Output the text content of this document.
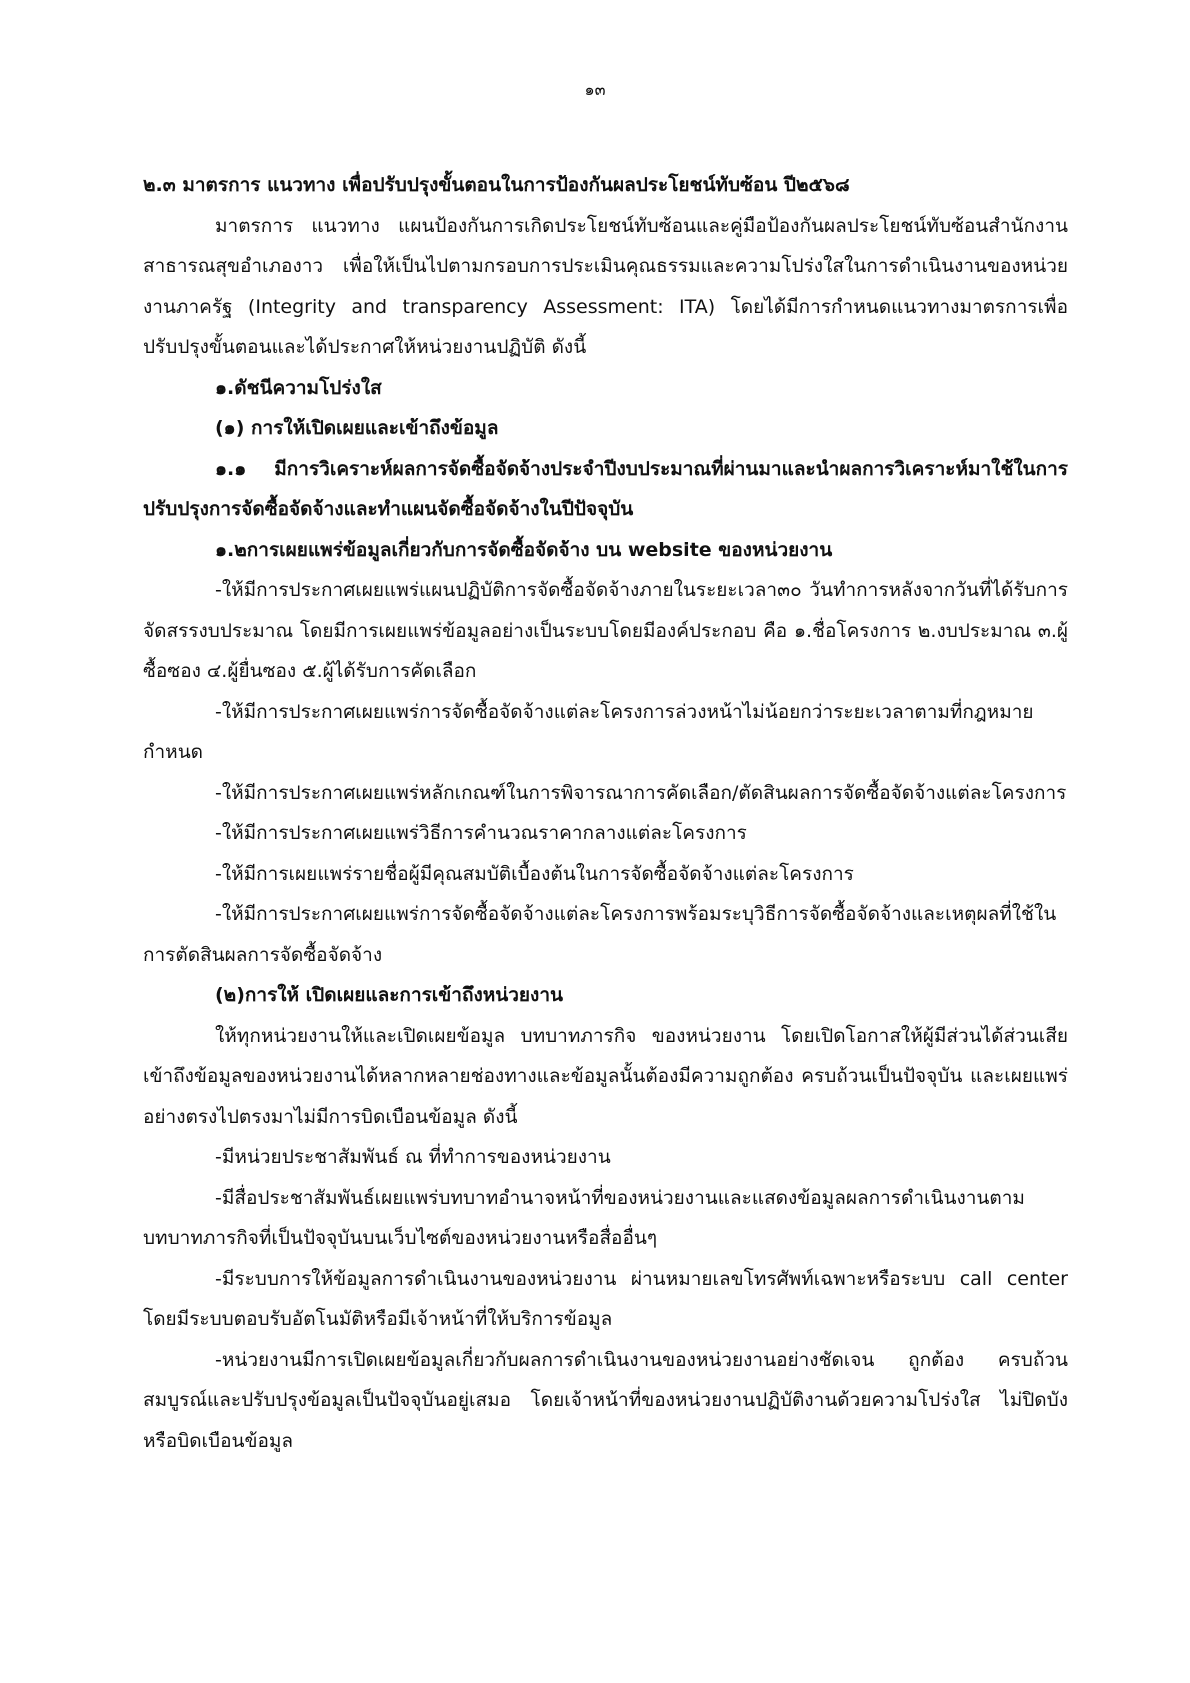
๑๓

๒.๓ มาตรการ แนวทาง เพื่อปรับปรุงขั้นตอนในการป้องกันผลประโยชน์ทับซ้อน ปี๒๕๖๘

มาตรการ แนวทาง แผนป้องกันการเกิดประโยชน์ทับซ้อนและคู่มือป้องกันผลประโยชน์ทับซ้อนสำนักงานสาธารณสุขอำเภองาว เพื่อให้เป็นไปตามกรอบการประเมินคุณธรรมและความโปร่งใสในการดำเนินงานของหน่วยงานภาครัฐ (Integrity and transparency Assessment: ITA) โดยได้มีการกำหนดแนวทางมาตรการเพื่อปรับปรุงขั้นตอนและได้ประกาศให้หน่วยงานปฏิบัติ ดังนี้

๑.ดัชนีความโปร่งใส

(๑) การให้เปิดเผยและเข้าถึงข้อมูล

๑.๑ มีการวิเคราะห์ผลการจัดซื้อจัดจ้างประจำปีงบประมาณที่ผ่านมาและนำผลการวิเคราะห์มาใช้ในการปรับปรุงการจัดซื้อจัดจ้างและทำแผนจัดซื้อจัดจ้างในปีปัจจุบัน

๑.๒การเผยแพร่ข้อมูลเกี่ยวกับการจัดซื้อจัดจ้าง บน website ของหน่วยงาน

-ให้มีการประกาศเผยแพร่แผนปฏิบัติการจัดซื้อจัดจ้างภายในระยะเวลา๓๐ วันทำการหลังจากวันที่ได้รับการจัดสรรงบประมาณ โดยมีการเผยแพร่ข้อมูลอย่างเป็นระบบโดยมีองค์ประกอบ คือ ๑.ชื่อโครงการ ๒.งบประมาณ ๓.ผู้ซื้อซอง ๔.ผู้ยื่นซอง ๕.ผู้ได้รับการคัดเลือก

-ให้มีการประกาศเผยแพร่การจัดซื้อจัดจ้างแต่ละโครงการล่วงหน้าไม่น้อยกว่าระยะเวลาตามที่กฎหมายกำหนด

-ให้มีการประกาศเผยแพร่หลักเกณฑ์ในการพิจารณาการคัดเลือก/ตัดสินผลการจัดซื้อจัดจ้างแต่ละโครงการ

-ให้มีการประกาศเผยแพร่วิธีการคำนวณราคากลางแต่ละโครงการ

-ให้มีการเผยแพร่รายชื่อผู้มีคุณสมบัติเบื้องต้นในการจัดซื้อจัดจ้างแต่ละโครงการ

-ให้มีการประกาศเผยแพร่การจัดซื้อจัดจ้างแต่ละโครงการพร้อมระบุวิธีการจัดซื้อจัดจ้างและเหตุผลที่ใช้ในการตัดสินผลการจัดซื้อจัดจ้าง

(๒)การให้ เปิดเผยและการเข้าถึงหน่วยงาน

ให้ทุกหน่วยงานให้และเปิดเผยข้อมูล บทบาทภารกิจ ของหน่วยงาน โดยเปิดโอกาสให้ผู้มีส่วนได้ส่วนเสียเข้าถึงข้อมูลของหน่วยงานได้หลากหลายช่องทางและข้อมูลนั้นต้องมีความถูกต้อง ครบถ้วนเป็นปัจจุบัน และเผยแพร่อย่างตรงไปตรงมาไม่มีการบิดเบือนข้อมูล ดังนี้

-มีหน่วยประชาสัมพันธ์ ณ ที่ทำการของหน่วยงาน

-มีสื่อประชาสัมพันธ์เผยแพร่บทบาทอำนาจหน้าที่ของหน่วยงานและแสดงข้อมูลผลการดำเนินงานตามบทบาทภารกิจที่เป็นปัจจุบันบนเว็บไซต์ของหน่วยงานหรือสื่ออื่นๆ

-มีระบบการให้ข้อมูลการดำเนินงานของหน่วยงาน ผ่านหมายเลขโทรศัพท์เฉพาะหรือระบบ call center โดยมีระบบตอบรับอัตโนมัติหรือมีเจ้าหน้าที่ให้บริการข้อมูล

-หน่วยงานมีการเปิดเผยข้อมูลเกี่ยวกับผลการดำเนินงานของหน่วยงานอย่างชัดเจน ถูกต้อง ครบถ้วนสมบูรณ์และปรับปรุงข้อมูลเป็นปัจจุบันอยู่เสมอ โดยเจ้าหน้าที่ของหน่วยงานปฏิบัติงานด้วยความโปร่งใส ไม่ปิดบังหรือบิดเบือนข้อมูล
